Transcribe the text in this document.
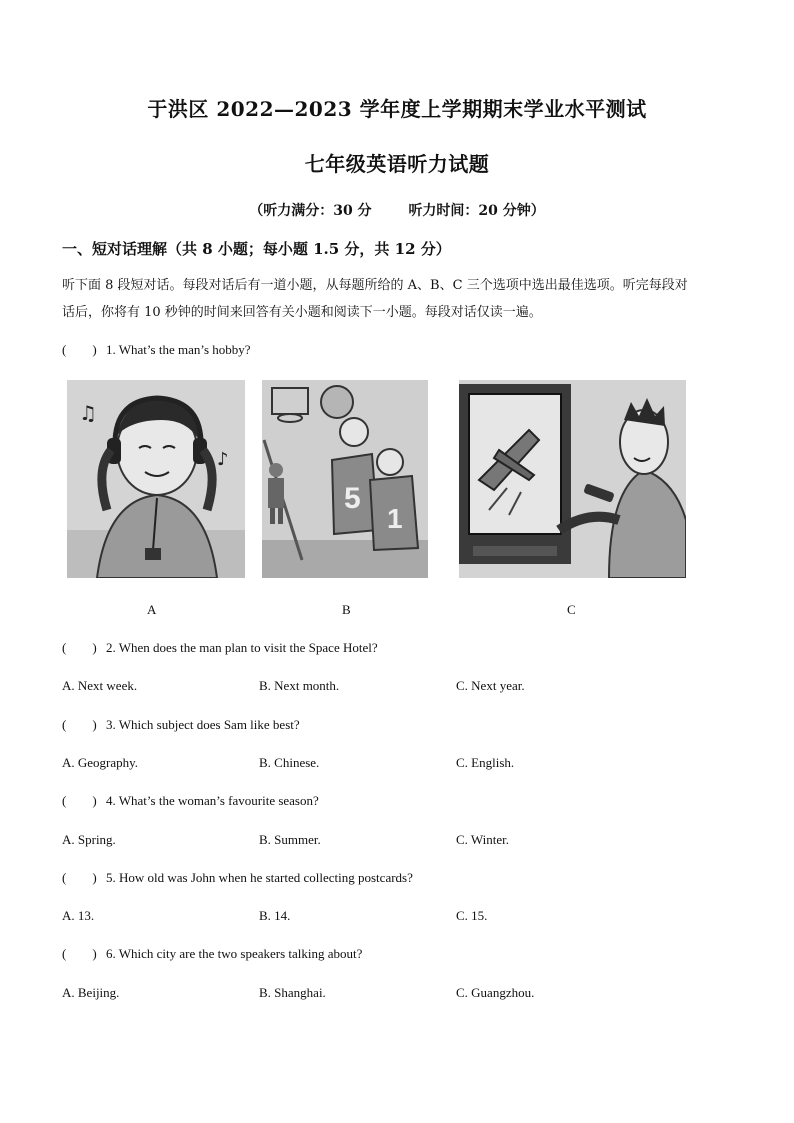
于洪区 2022—2023 学年度上学期期末学业水平测试
七年级英语听力试题
（听力满分：30 分	听力时间：20 分钟）
一、短对话理解（共 8 小题；每小题 1.5 分，共 12 分）
听下面 8 段短对话。每段对话后有一道小题，从每题所给的 A、B、C 三个选项中选出最佳选项。听完每段对
话后，你将有 10 秒钟的时间来回答有关小题和阅读下一小题。每段对话仅读一遍。
( ) 1. What’s the man’s hobby?
♫
♪
5
1
A	B	C
( ) 2. When does the man plan to visit the Space Hotel?
A. Next week.	B. Next month.	C. Next year.
( ) 3. Which subject does Sam like best?
A. Geography.	B. Chinese.	C. English.
( ) 4. What’s the woman’s favourite season?
A. Spring.	B. Summer.	C. Winter.
( ) 5. How old was John when he started collecting postcards?
A. 13.	B. 14.	C. 15.
( ) 6. Which city are the two speakers talking about?
A. Beijing.	B. Shanghai.	C. Guangzhou.
